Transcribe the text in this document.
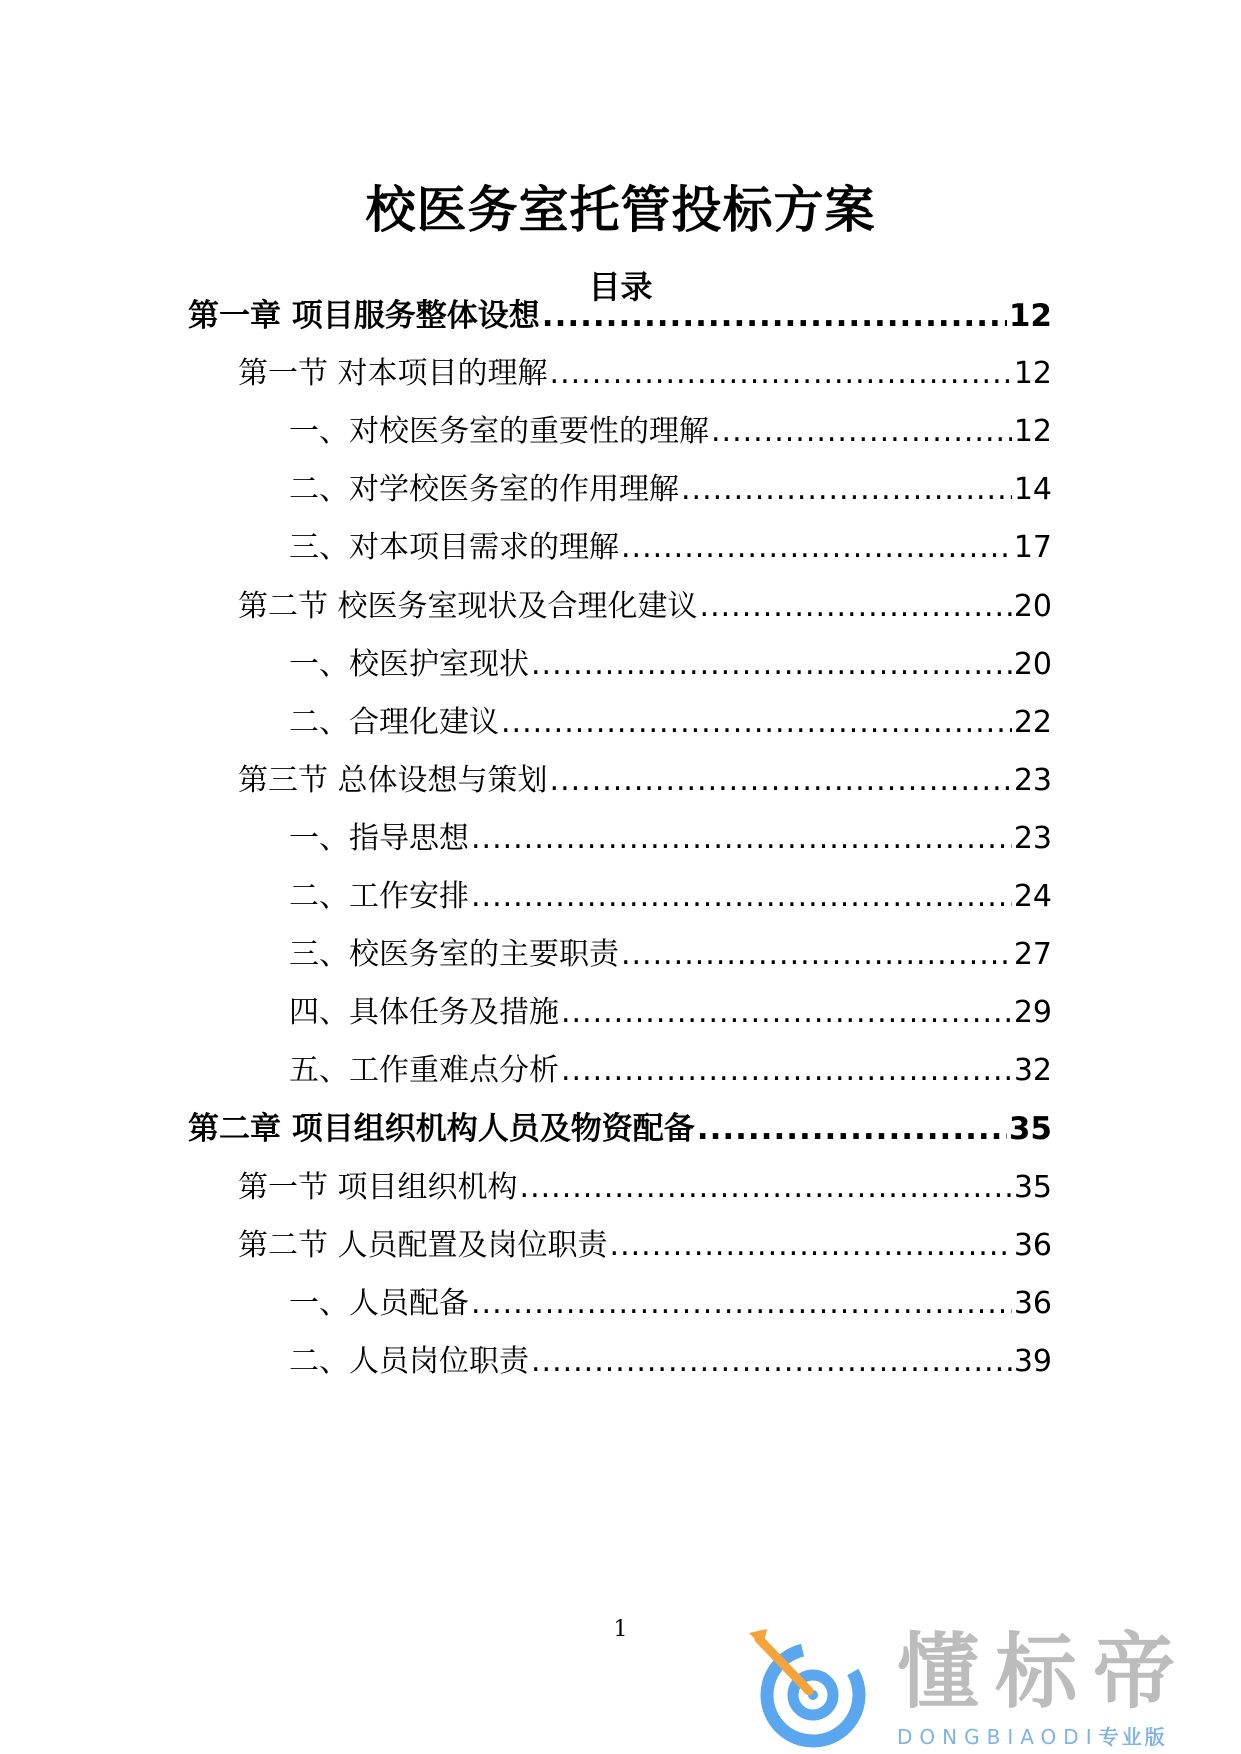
校医务室托管投标方案
目录
第一章 项目服务整体设想 .....	12
第一节 对本项目的理解 .....	12
一、对校医务室的重要性的理解 .....	12
二、对学校医务室的作用理解 .....	14
三、对本项目需求的理解 .....	17
第二节 校医务室现状及合理化建议 .....	20
一、校医护室现状 .....	20
二、合理化建议 .....	22
第三节 总体设想与策划 .....	23
一、指导思想 .....	23
二、工作安排 .....	24
三、校医务室的主要职责 .....	27
四、具体任务及措施 .....	29
五、工作重难点分析 .....	32
第二章 项目组织机构人员及物资配备 .....	35
第一节 项目组织机构 .....	35
第二节 人员配置及岗位职责 .....	36
一、人员配备 .....	36
二、人员岗位职责 .....	39
1	懂标帝
DONGBIAODI专业版
